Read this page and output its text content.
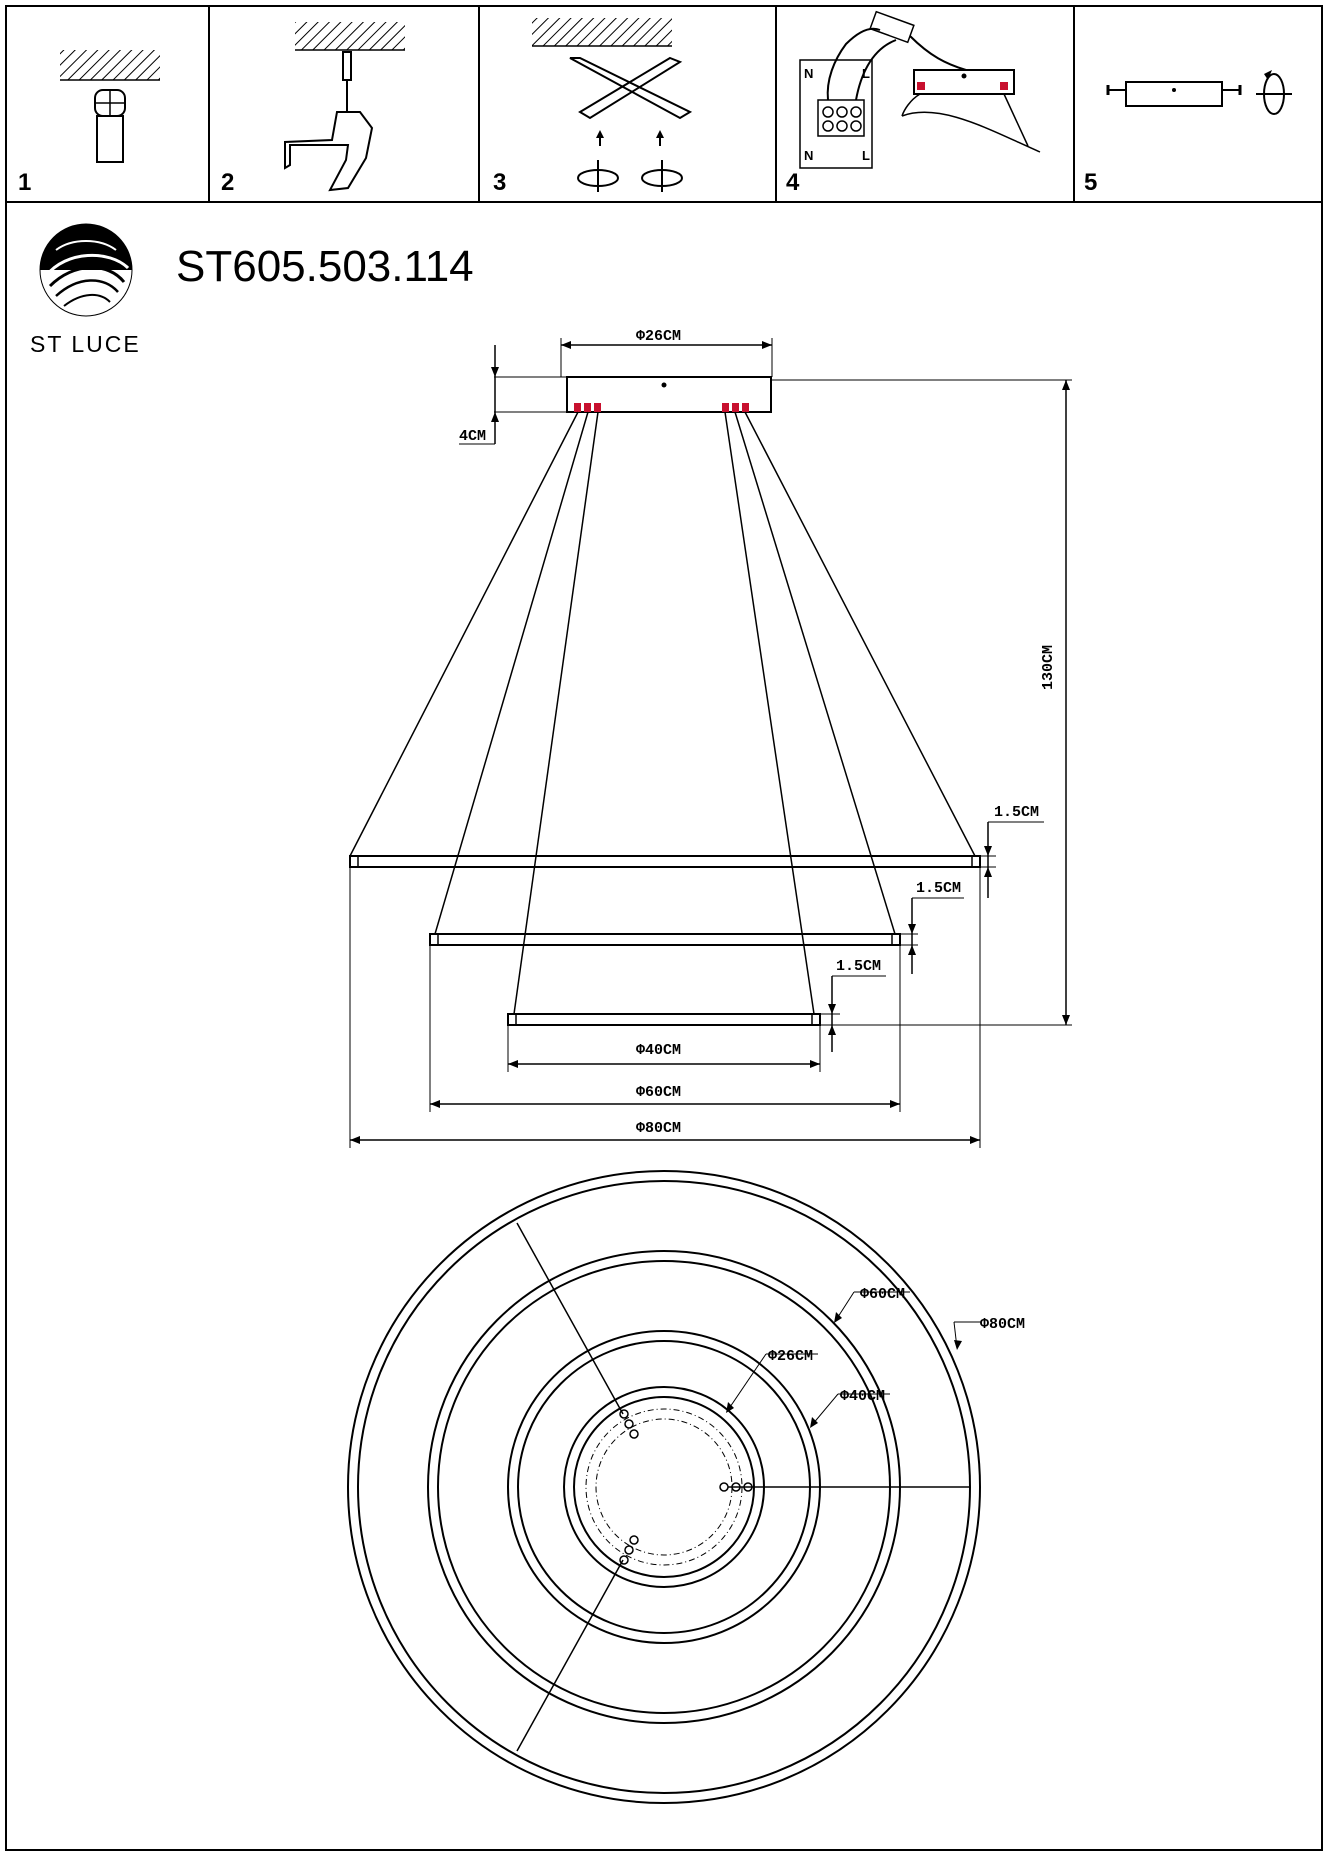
1	2	3	4
N	L
N	L
5
ST LUCE
ST605.503.114
Φ26CM
4CM
130CM
1.5CM
1.5CM
1.5CM
Φ40CM
Φ60CM
Φ80CM
Φ80CM
Φ60CM
Φ40CM
Φ26CM
